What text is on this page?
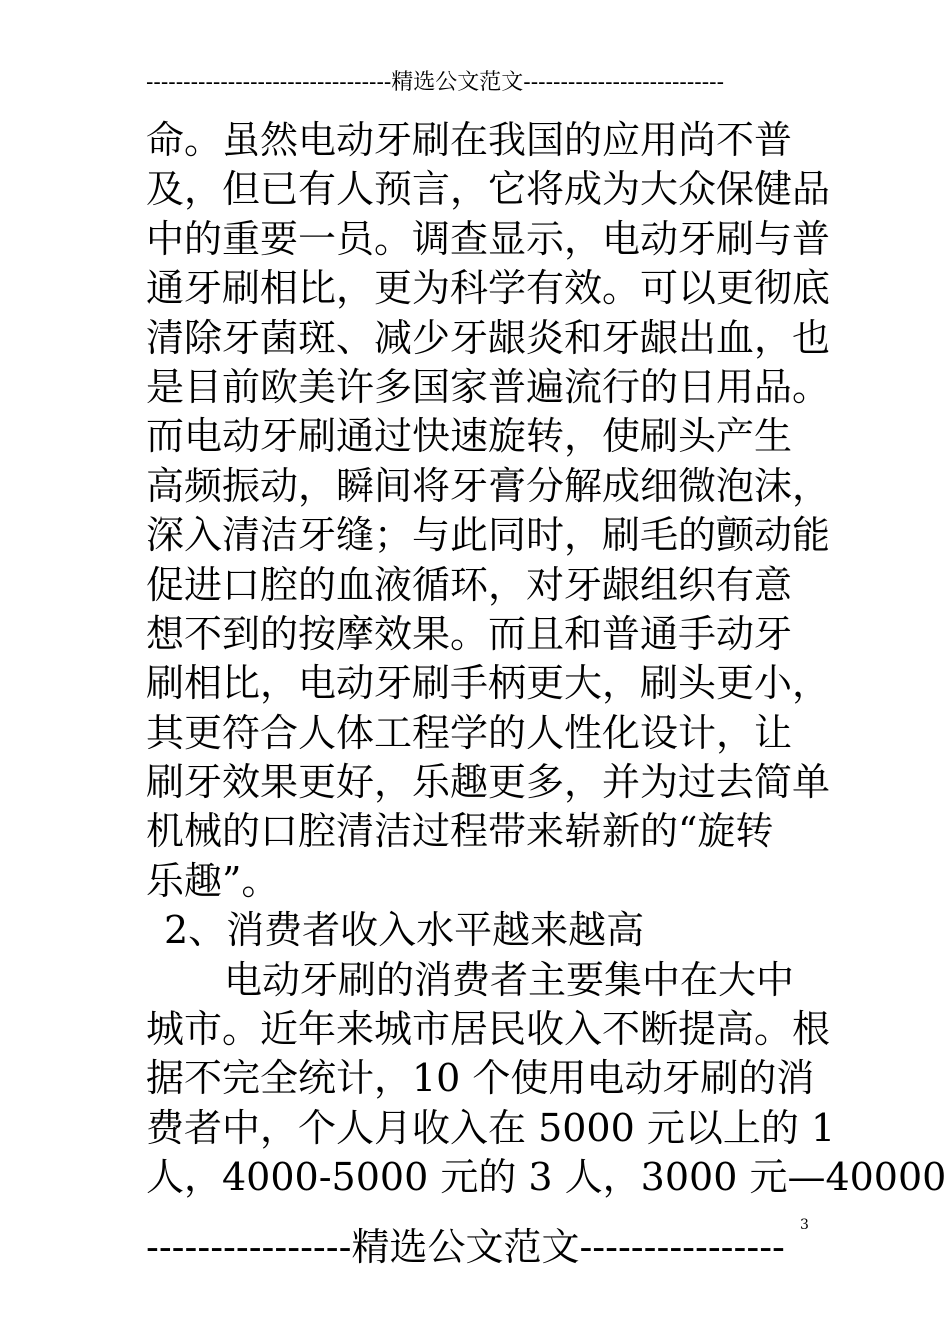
---------------------------------精选公文范文---------------------------
命。虽然电动牙刷在我国的应用尚不普
及，但已有人预言，它将成为大众保健品
中的重要一员。调查显示，电动牙刷与普
通牙刷相比，更为科学有效。可以更彻底
清除牙菌斑、减少牙龈炎和牙龈出血，也
是目前欧美许多国家普遍流行的日用品。
而电动牙刷通过快速旋转，使刷头产生
高频振动，瞬间将牙膏分解成细微泡沫，
深入清洁牙缝；与此同时，刷毛的颤动能
促进口腔的血液循环，对牙龈组织有意
想不到的按摩效果。而且和普通手动牙
刷相比，电动牙刷手柄更大，刷头更小，
其更符合人体工程学的人性化设计，让
刷牙效果更好，乐趣更多，并为过去简单
机械的口腔清洁过程带来崭新的“旋转
乐趣”。
2、消费者收入水平越来越高
电动牙刷的消费者主要集中在大中
城市。近年来城市居民收入不断提高。根
据不完全统计，10 个使用电动牙刷的消
费者中，个人月收入在 5000 元以上的 1
人，4000-5000 元的 3 人，3000 元—40000
3
----------------精选公文范文----------------
